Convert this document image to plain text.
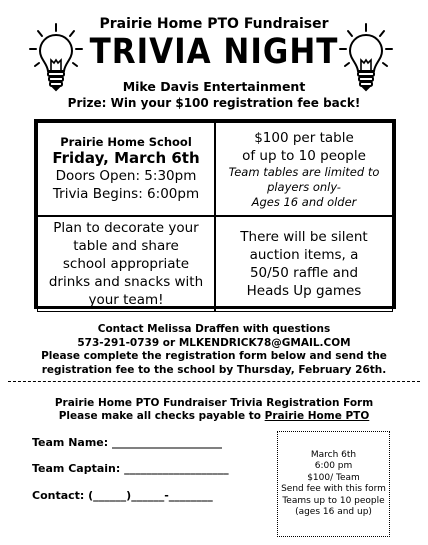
Prairie Home PTO Fundraiser
TRIVIA NIGHT
Mike Davis Entertainment
Prize: Win your $100 registration fee back!
Prairie Home School
Friday, March 6th
Doors Open: 5:30pm
Trivia Begins: 6:00pm
$100 per table
of up to 10 people
Team tables are limited to
players only-
Ages 16 and older
Plan to decorate your
table and share
school appropriate
drinks and snacks with
your team!
There will be silent
auction items, a
50/50 raffle and
Heads Up games
Contact Melissa Draffen with questions
573-291-0739 or MLKENDRICK78@GMAIL.COM
Please complete the registration form below and send the
registration fee to the school by Thursday, February 26th.
Prairie Home PTO Fundraiser Trivia Registration Form
Please make all checks payable to Prairie Home PTO
Team Name: ____________________
Team Captain: ___________________
Contact: (______)______-________
March 6th
6:00 pm
$100/ Team
Send fee with this form
Teams up to 10 people
(ages 16 and up)
